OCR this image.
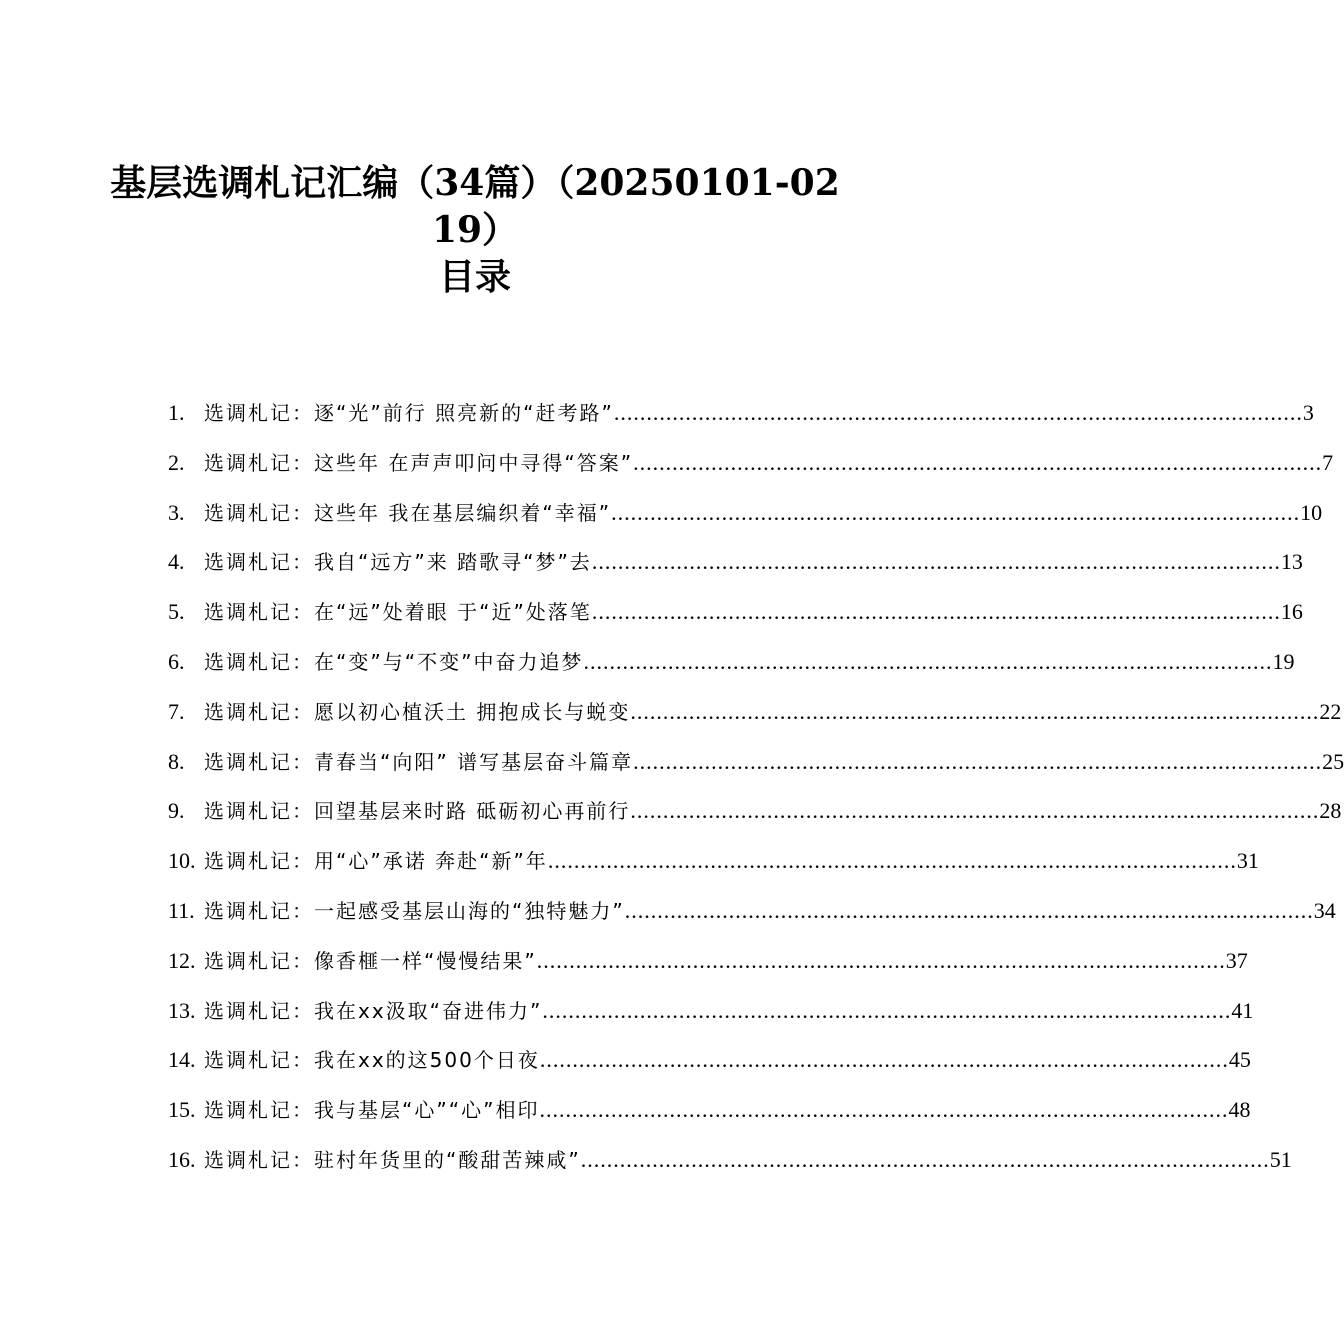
基层选调札记汇编（34篇）（20250101-02
19）
目录
1. 选调札记：逐“光”前行 照亮新的“赶考路” .....	3
2. 选调札记：这些年 在声声叩问中寻得“答案” .....	7
3. 选调札记：这些年 我在基层编织着“幸福” .....	10
4. 选调札记：我自“远方”来 踏歌寻“梦”去 .....	13
5. 选调札记：在“远”处着眼 于“近”处落笔 .....	16
6. 选调札记：在“变”与“不变”中奋力追梦 .....	19
7. 选调札记：愿以初心植沃土 拥抱成长与蜕变 .....	22
8. 选调札记：青春当“向阳” 谱写基层奋斗篇章 .....	25
9. 选调札记：回望基层来时路 砥砺初心再前行 .....	28
10. 选调札记：用“心”承诺 奔赴“新”年 .....	31
11. 选调札记：一起感受基层山海的“独特魅力” .....	34
12. 选调札记：像香榧一样“慢慢结果” .....	37
13. 选调札记：我在xx汲取“奋进伟力” .....	41
14. 选调札记：我在xx的这500个日夜 .....	45
15. 选调札记：我与基层“心”“心”相印 .....	48
16. 选调札记：驻村年货里的“酸甜苦辣咸” .....	51
